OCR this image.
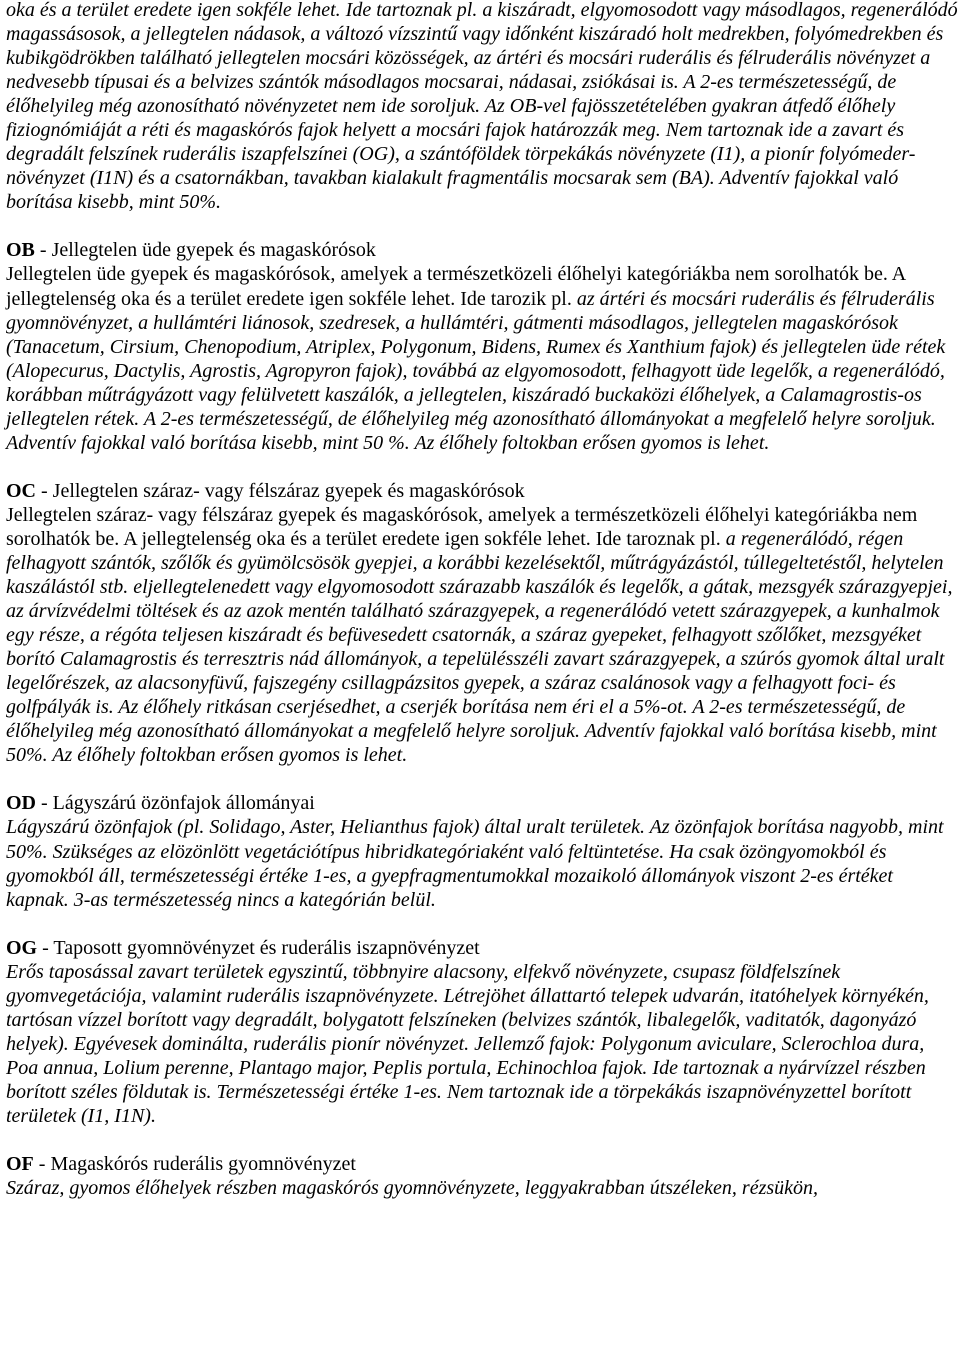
oka és a terület eredete igen sokféle lehet. Ide tartoznak pl. a kiszáradt, elgyomosodott vagy másodlagos, regenerálódó magassásosok, a jellegtelen nádasok, a változó vízszintű vagy időnként kiszáradó holt medrekben, folyómedrekben és kubikgödrökben található jellegtelen mocsári közösségek, az ártéri és mocsári ruderális és félruderális növényzet a nedvesebb típusai és a belvizes szántók másodlagos mocsarai, nádasai, zsiókásai is. A 2-es természetességű, de élőhelyileg még azonosítható növényzetet nem ide soroljuk. Az OB-vel fajösszetételében gyakran átfedő élőhely fiziognómiáját a réti és magaskórós fajok helyett a mocsári fajok határozzák meg. Nem tartoznak ide a zavart és degradált felszínek ruderális iszapfelszínei (OG), a szántóföldek törpekákás növényzete (I1), a pionír folyómeder-növényzet (I1N) és a csatornákban, tavakban kialakult fragmentális mocsarak sem (BA). Adventív fajokkal való borítása kisebb, mint 50%.

OB - Jellegtelen üde gyepek és magaskórósok

Jellegtelen üde gyepek és magaskórósok, amelyek a természetközeli élőhelyi kategóriákba nem sorolhatók be. A jellegtelenség oka és a terület eredete igen sokféle lehet. Ide tarozik pl. az ártéri és mocsári ruderális és félruderális gyomnövényzet, a hullámtéri liánosok, szedresek, a hullámtéri, gátmenti másodlagos, jellegtelen magaskórósok (Tanacetum, Cirsium, Chenopodium, Atriplex, Polygonum, Bidens, Rumex és Xanthium fajok) és jellegtelen üde rétek (Alopecurus, Dactylis, Agrostis, Agropyron fajok), továbbá az elgyomosodott, felhagyott üde legelők, a regenerálódó, korábban műtrágyázott vagy felülvetett kaszálók, a jellegtelen, kiszáradó buckaközi élőhelyek, a Calamagrostis-os jellegtelen rétek. A 2-es természetességű, de élőhelyileg még azonosítható állományokat a megfelelő helyre soroljuk. Adventív fajokkal való borítása kisebb, mint 50 %. Az élőhely foltokban erősen gyomos is lehet.

OC - Jellegtelen száraz- vagy félszáraz gyepek és magaskórósok

Jellegtelen száraz- vagy félszáraz gyepek és magaskórósok, amelyek a természetközeli élőhelyi kategóriákba nem sorolhatók be. A jellegtelenség oka és a terület eredete igen sokféle lehet. Ide taroznak pl. a regenerálódó, régen felhagyott szántók, szőlők és gyümölcsösök gyepjei, a korábbi kezelésektől, műtrágyázástól, túllegeltetéstől, helytelen kaszálástól stb. eljellegtelenedett vagy elgyomosodott szárazabb kaszálók és legelők, a gátak, mezsgyék szárazgyepjei, az árvízvédelmi töltések és az azok mentén található szárazgyepek, a regenerálódó vetett szárazgyepek, a kunhalmok egy része, a régóta teljesen kiszáradt és befüvesedett csatornák, a száraz gyepeket, felhagyott szőlőket, mezsgyéket borító Calamagrostis és terresztris nád állományok, a tepelülésszéli zavart szárazgyepek, a szúrós gyomok által uralt legelőrészek, az alacsonyfüvű, fajszegény csillagpázsitos gyepek, a száraz csalánosok vagy a felhagyott foci- és golfpályák is. Az élőhely ritkásan cserjésedhet, a cserjék borítása nem éri el a 5%-ot. A 2-es természetességű, de élőhelyileg még azonosítható állományokat a megfelelő helyre soroljuk. Adventív fajokkal való borítása kisebb, mint 50%. Az élőhely foltokban erősen gyomos is lehet.

OD - Lágyszárú özönfajok állományai

Lágyszárú özönfajok (pl. Solidago, Aster, Helianthus fajok) által uralt területek. Az özönfajok borítása nagyobb, mint 50%. Szükséges az elözönlött vegetációtípus hibridkategóriaként való feltüntetése. Ha csak özöngyomokból és gyomokból áll, természetességi értéke 1-es, a gyepfragmentumokkal mozaikoló állományok viszont 2-es értéket kapnak. 3-as természetesség nincs a kategórián belül.

OG - Taposott gyomnövényzet és ruderális iszapnövényzet

Erős taposással zavart területek egyszintű, többnyire alacsony, elfekvő növényzete, csupasz földfelszínek gyomvegetációja, valamint ruderális iszapnövényzete. Létrejöhet állattartó telepek udvarán, itatóhelyek környékén, tartósan vízzel borított vagy degradált, bolygatott felszíneken (belvizes szántók, libalegelők, vaditatók, dagonyázó helyek). Egyévesek dominálta, ruderális pionír növényzet. Jellemző fajok: Polygonum aviculare, Sclerochloa dura, Poa annua, Lolium perenne, Plantago major, Peplis portula, Echinochloa fajok. Ide tartoznak a nyárvízzel részben borított széles földutak is. Természetességi értéke 1-es. Nem tartoznak ide a törpekákás iszapnövényzettel borított területek (I1, I1N).

OF - Magaskórós ruderális gyomnövényzet

Száraz, gyomos élőhelyek részben magaskórós gyomnövényzete, leggyakrabban útszéleken, rézsükön,
